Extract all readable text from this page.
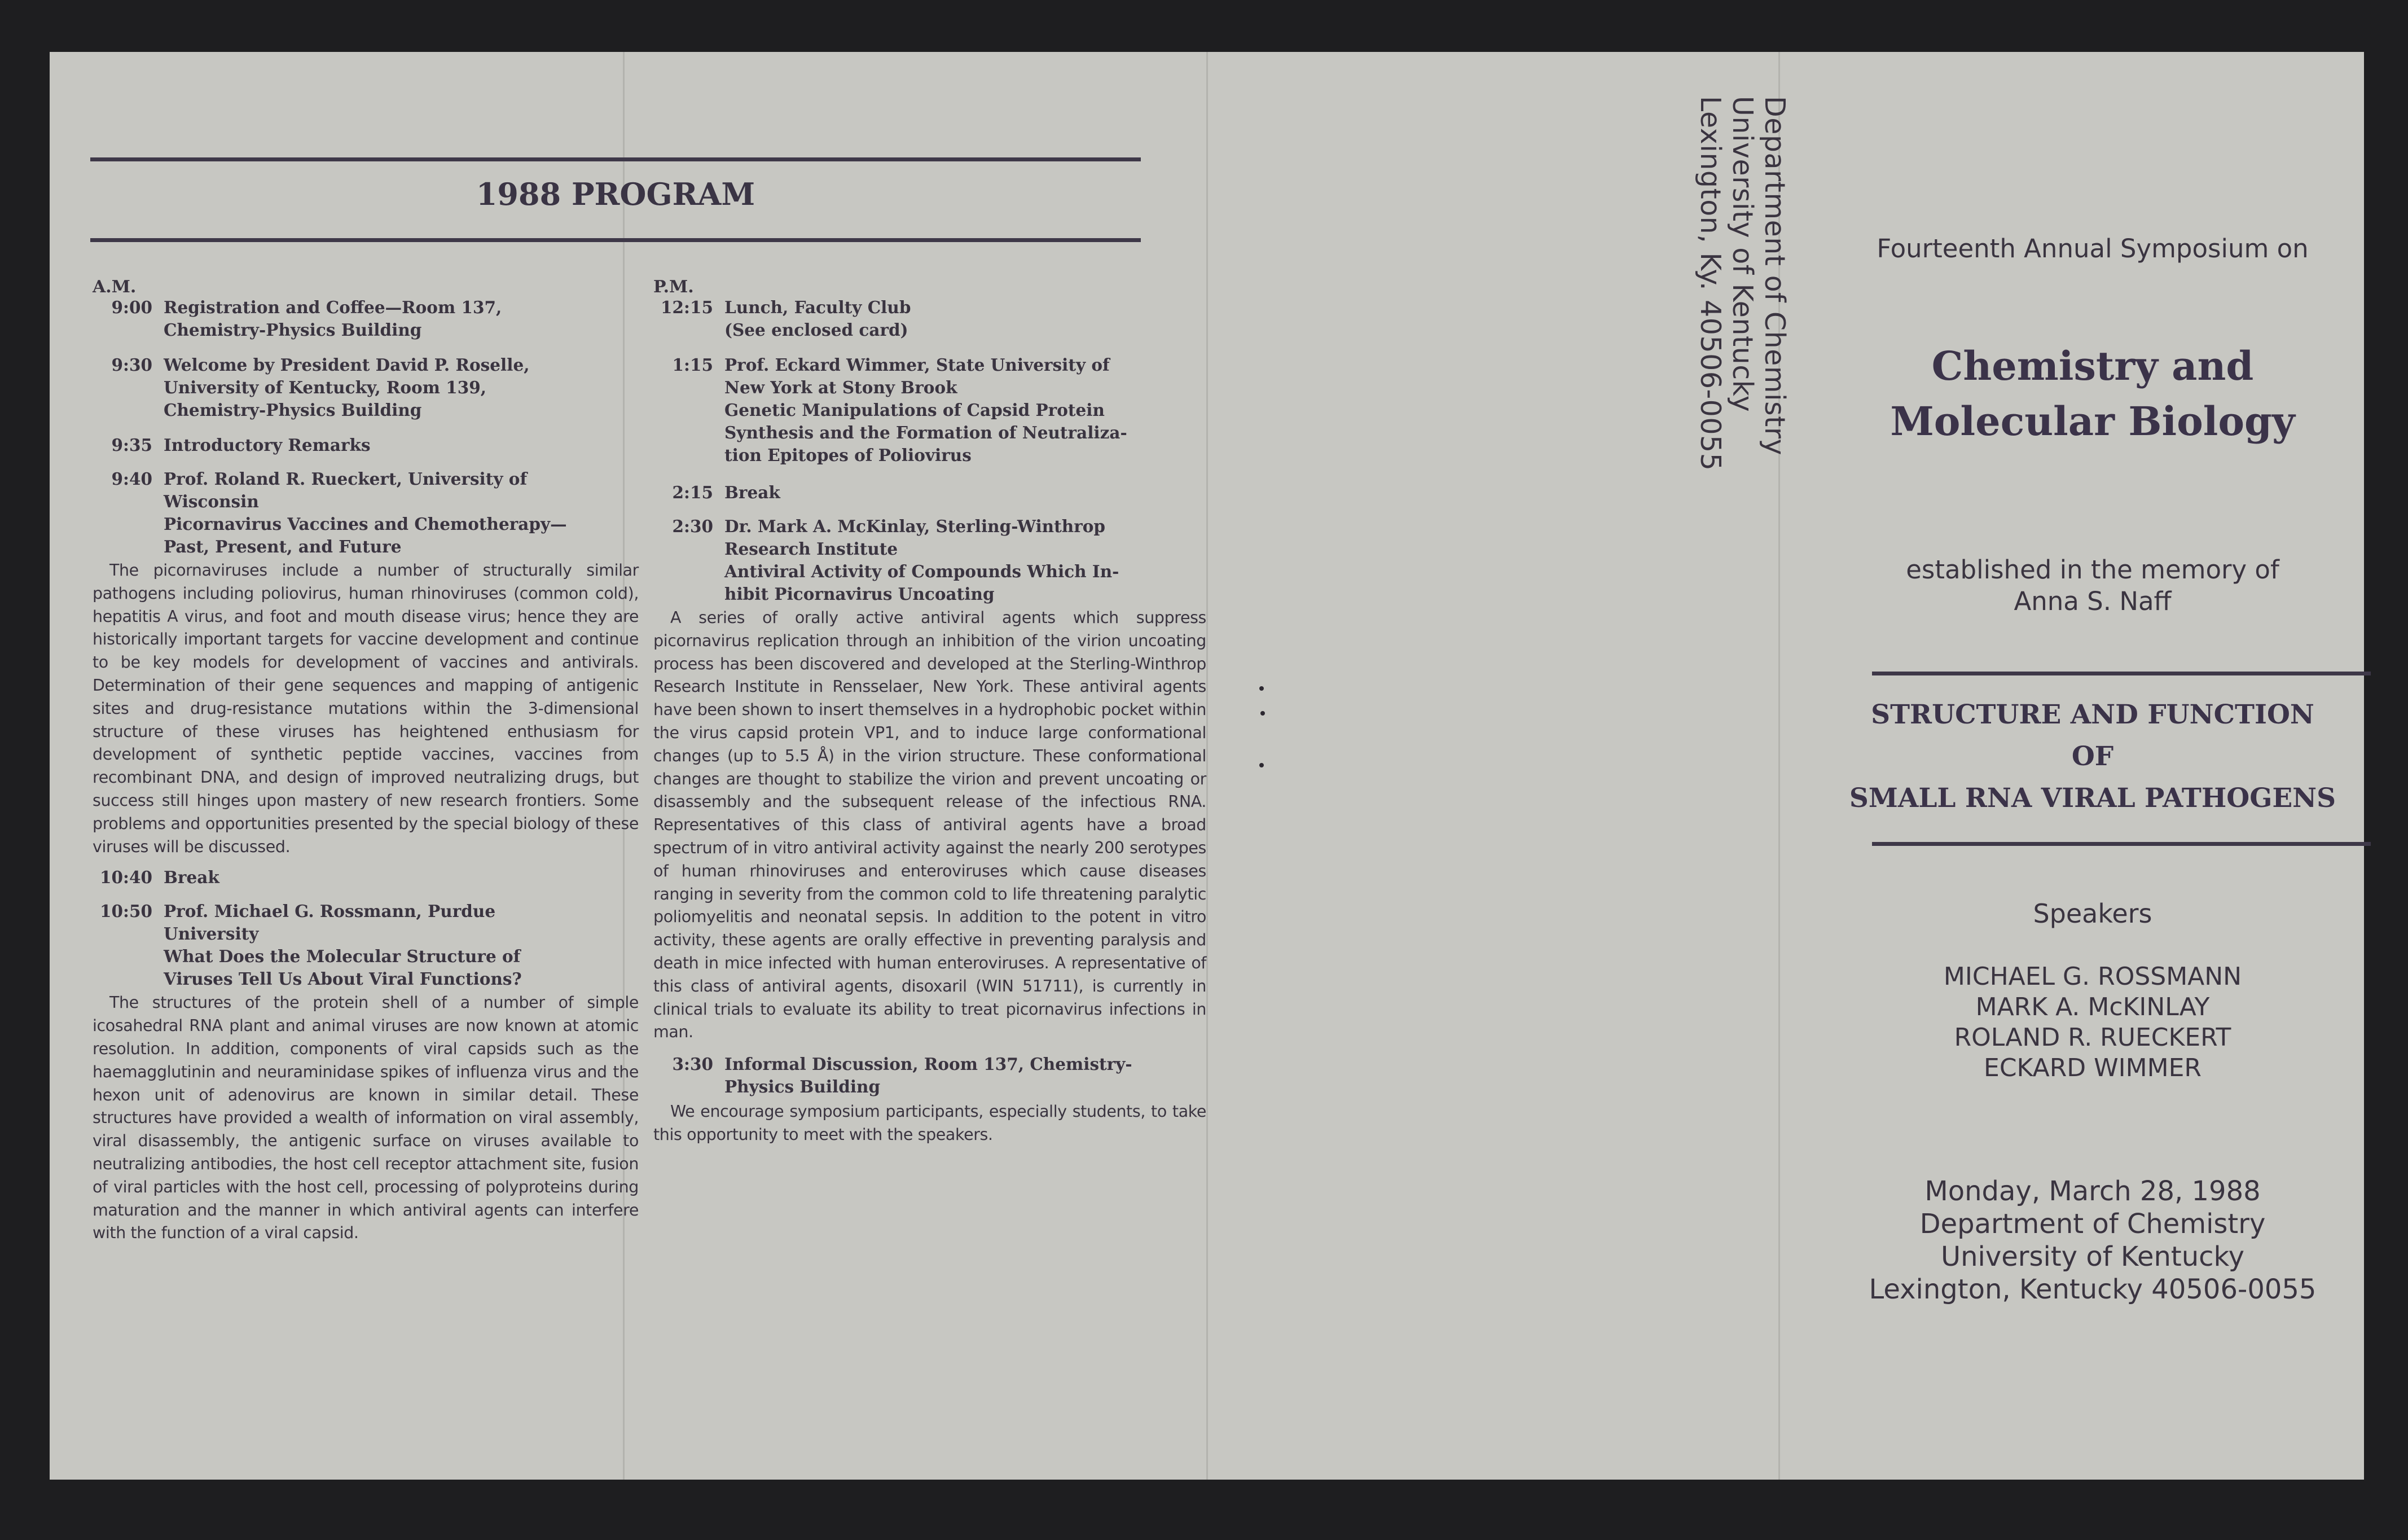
1988 PROGRAM
A.M.
9:00 Registration and Coffee—Room 137,
Chemistry-Physics Building
9:30 Welcome by President David P. Roselle,
University of Kentucky, Room 139,
Chemistry-Physics Building
9:35 Introductory Remarks
9:40 Prof. Roland R. Rueckert, University of
Wisconsin
Picornavirus Vaccines and Chemotherapy—
Past, Present, and Future

The picornaviruses include a number of structurally similar pathogens including poliovirus, human rhinoviruses (common cold), hepatitis A virus, and foot and mouth disease virus; hence they are historically important targets for vaccine development and continue to be key models for development of vaccines and antivirals. Determination of their gene sequences and mapping of antigenic sites and drug-resistance mutations within the 3-dimensional structure of these viruses has heightened enthusiasm for development of synthetic peptide vaccines, vaccines from recombinant DNA, and design of improved neutralizing drugs, but success still hinges upon mastery of new research frontiers. Some problems and opportunities presented by the special biology of these viruses will be discussed.

10:40 Break
10:50 Prof. Michael G. Rossmann, Purdue
University
What Does the Molecular Structure of
Viruses Tell Us About Viral Functions?

The structures of the protein shell of a number of simple icosahedral RNA plant and animal viruses are now known at atomic resolution. In addition, components of viral capsids such as the haemagglutinin and neuraminidase spikes of influenza virus and the hexon unit of adenovirus are known in similar detail. These structures have provided a wealth of information on viral assembly, viral disassembly, the antigenic surface on viruses available to neutralizing antibodies, the host cell receptor attachment site, fusion of viral particles with the host cell, processing of polyproteins during maturation and the manner in which antiviral agents can interfere with the function of a viral capsid.

P.M.
12:15 Lunch, Faculty Club
(See enclosed card)
1:15 Prof. Eckard Wimmer, State University of
New York at Stony Brook
Genetic Manipulations of Capsid Protein
Synthesis and the Formation of Neutraliza-
tion Epitopes of Poliovirus
2:15 Break
2:30 Dr. Mark A. McKinlay, Sterling-Winthrop
Research Institute
Antiviral Activity of Compounds Which In-
hibit Picornavirus Uncoating

A series of orally active antiviral agents which suppress picornavirus replication through an inhibition of the virion uncoating process has been discovered and developed at the Sterling-Winthrop Research Institute in Rensselaer, New York. These antiviral agents have been shown to insert themselves in a hydrophobic pocket within the virus capsid protein VP1, and to induce large conformational changes (up to 5.5 Å) in the virion structure. These conformational changes are thought to stabilize the virion and prevent uncoating or disassembly and the subsequent release of the infectious RNA. Representatives of this class of antiviral agents have a broad spectrum of in vitro antiviral activity against the nearly 200 serotypes of human rhinoviruses and enteroviruses which cause diseases ranging in severity from the common cold to life threatening paralytic poliomyelitis and neonatal sepsis. In addition to the potent in vitro activity, these agents are orally effective in preventing paralysis and death in mice infected with human enteroviruses. A representative of this class of antiviral agents, disoxaril (WIN 51711), is currently in clinical trials to evaluate its ability to treat picornavirus infections in man.

3:30 Informal Discussion, Room 137, Chemistry-
Physics Building

We encourage symposium participants, especially students, to take this opportunity to meet with the speakers.

Department of Chemistry
University of Kentucky
Lexington, Ky. 40506-0055	Fourteenth Annual Symposium on
Chemistry and
Molecular Biology
established in the memory of
Anna S. Naff
STRUCTURE AND FUNCTION
OF
SMALL RNA VIRAL PATHOGENS
Speakers
MICHAEL G. ROSSMANN
MARK A. McKINLAY
ROLAND R. RUECKERT
ECKARD WIMMER
Monday, March 28, 1988
Department of Chemistry
University of Kentucky
Lexington, Kentucky 40506-0055
